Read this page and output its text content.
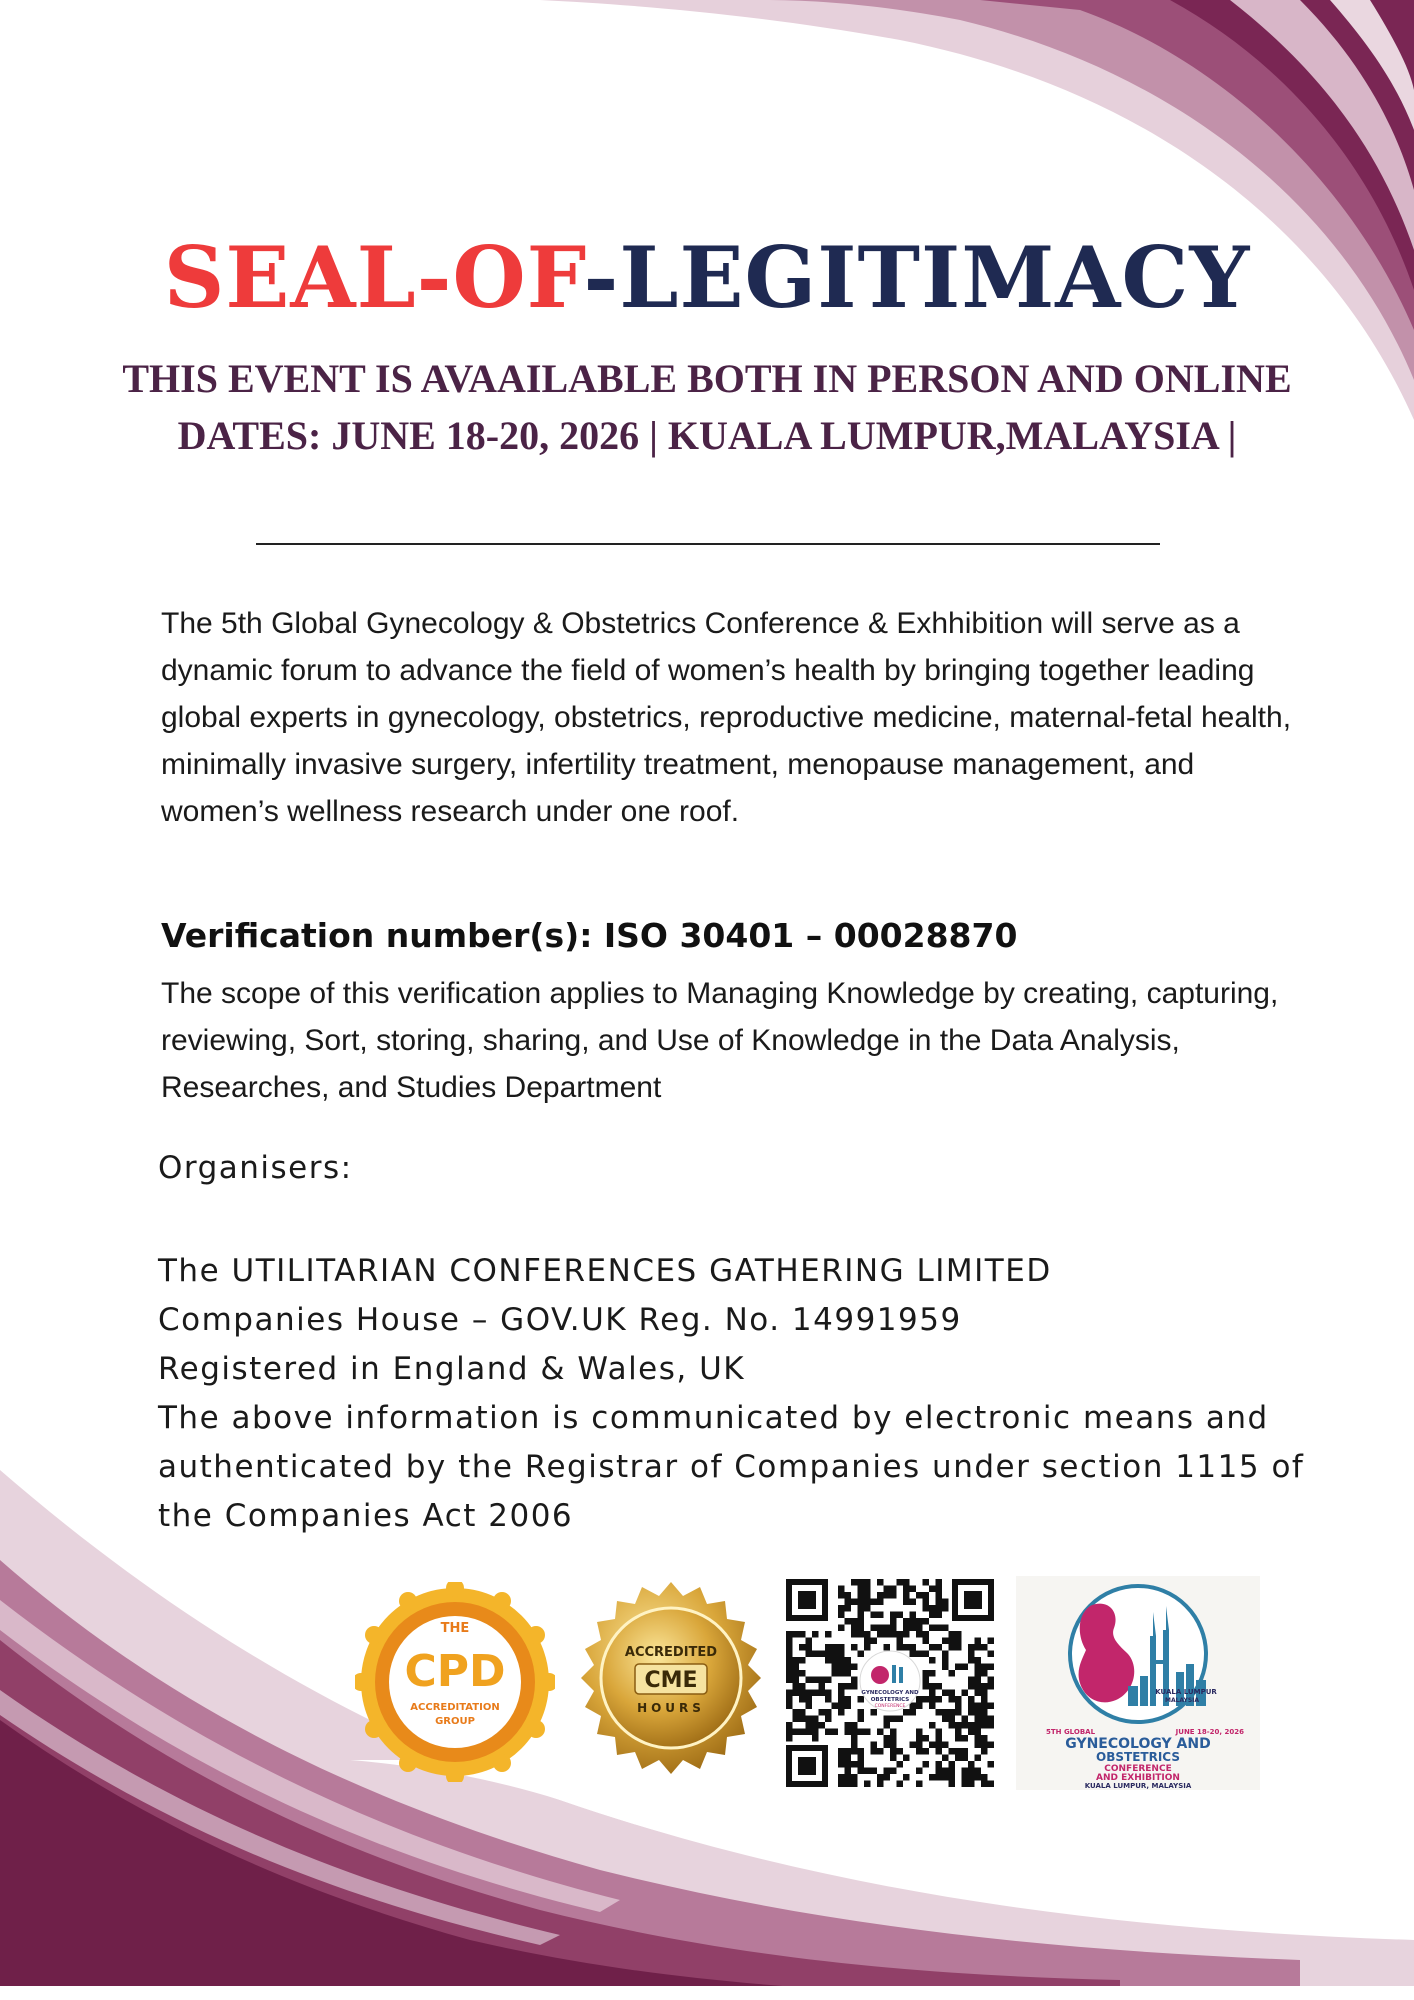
SEAL-OF-LEGITIMACY
THIS EVENT IS AVAAILABLE BOTH IN PERSON AND ONLINE DATES: JUNE 18-20, 2026 | KUALA LUMPUR,MALAYSIA |
The 5th Global Gynecology & Obstetrics Conference & Exhhibition will serve as a dynamic forum to advance the field of women’s health by bringing together leading global experts in gynecology, obstetrics, reproductive medicine, maternal-fetal health, minimally invasive surgery, infertility treatment, menopause management, and women’s wellness research under one roof.
Verification number(s): ISO 30401 – 00028870
The scope of this verification applies to Managing Knowledge by creating, capturing, reviewing, Sort, storing, sharing, and Use of Knowledge in the Data Analysis, Researches, and Studies Department
Organisers:
The UTILITARIAN CONFERENCES GATHERING LIMITED
Companies House – GOV.UK Reg. No. 14991959
Registered in England & Wales, UK
The above information is communicated by electronic means and authenticated by the Registrar of Companies under section 1115 of the Companies Act 2006
THE
CPD
ACCREDITATION
GROUP
ACCREDITED
CME
HOURS
GYNECOLOGY AND
OBSTETRICS
CONFERENCE
KUALA LUMPUR
MALAYSIA
5TH GLOBAL	JUNE 18-20, 2026
GYNECOLOGY AND
OBSTETRICS
CONFERENCE
AND EXHIBITION
KUALA LUMPUR, MALAYSIA
